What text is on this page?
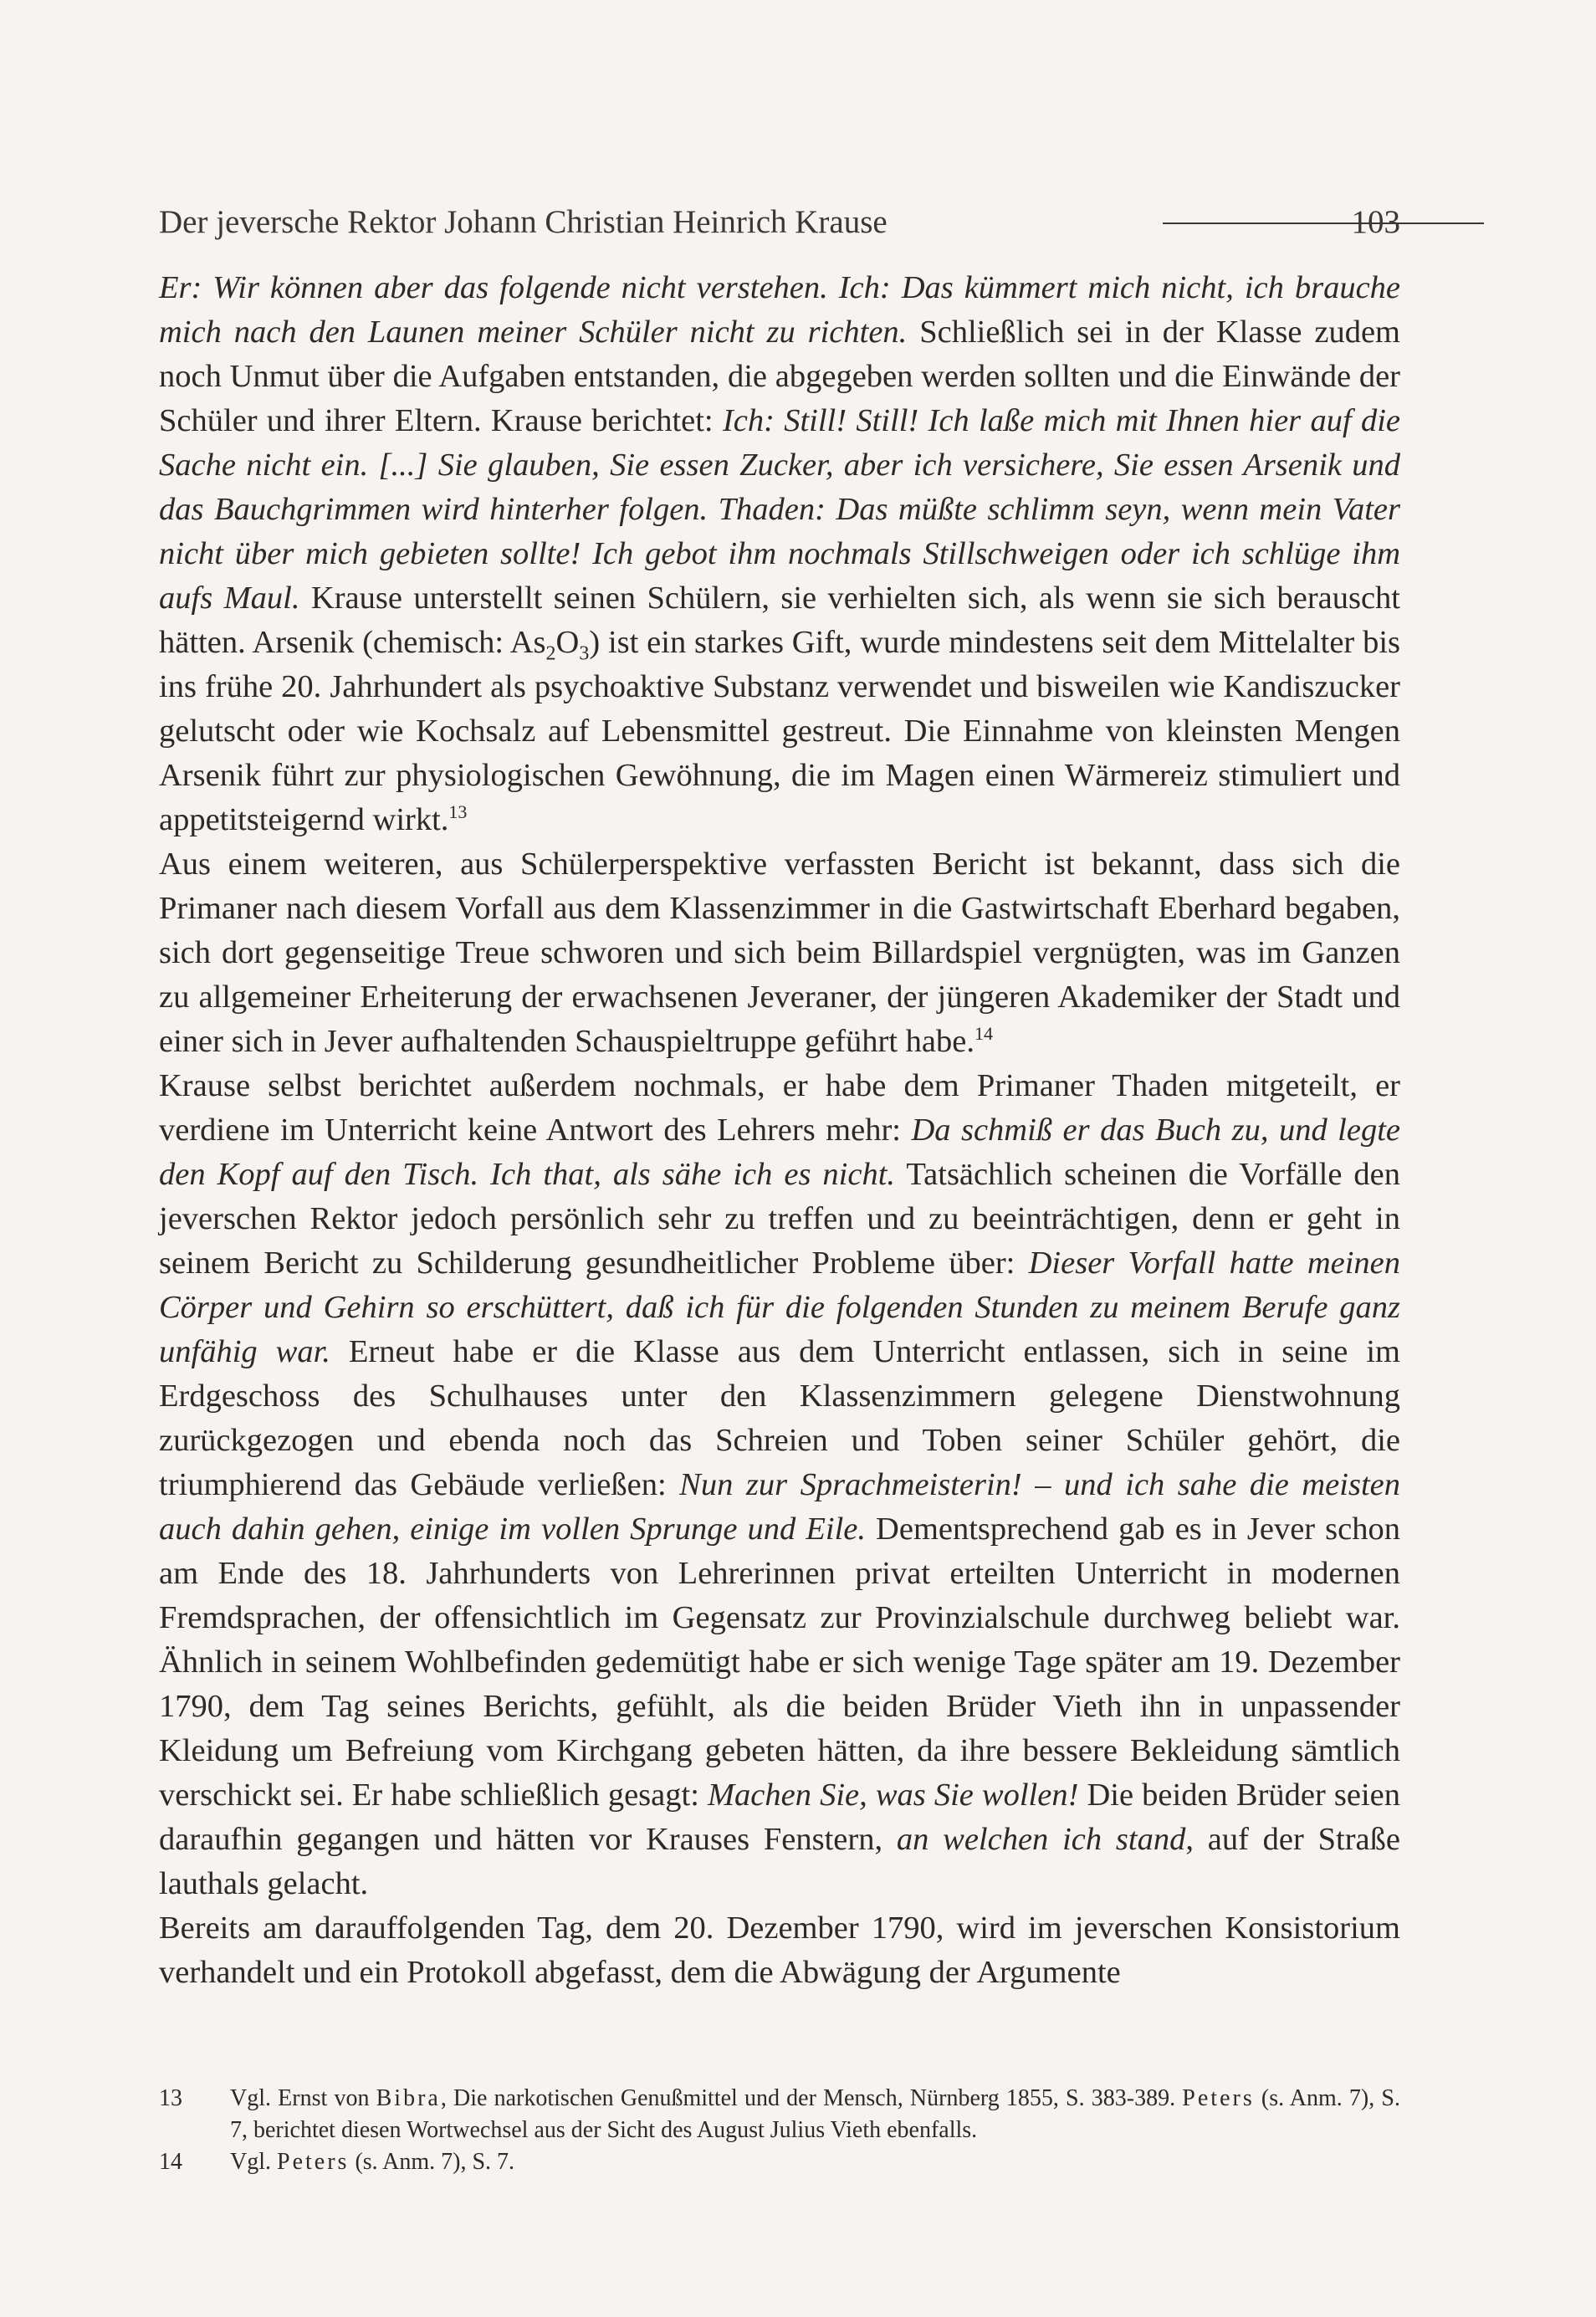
Der jeversche Rektor Johann Christian Heinrich Krause	103

Er: Wir können aber das folgende nicht verstehen. Ich: Das kümmert mich nicht, ich brauche mich nach den Launen meiner Schüler nicht zu richten. Schließlich sei in der Klasse zudem noch Unmut über die Aufgaben entstanden, die abgegeben werden sollten und die Einwände der Schüler und ihrer Eltern. Krause berichtet: Ich: Still! Still! Ich laße mich mit Ihnen hier auf die Sache nicht ein. [...] Sie glauben, Sie essen Zucker, aber ich versichere, Sie essen Arsenik und das Bauchgrimmen wird hinterher folgen. Thaden: Das müßte schlimm seyn, wenn mein Vater nicht über mich gebieten sollte! Ich gebot ihm nochmals Stillschweigen oder ich schlüge ihm aufs Maul. Krause unterstellt seinen Schülern, sie verhielten sich, als wenn sie sich berauscht hätten. Arsenik (chemisch: $As_2O_3$) ist ein starkes Gift, wurde mindestens seit dem Mittelalter bis ins frühe 20. Jahrhundert als psychoaktive Substanz verwendet und bisweilen wie Kandiszucker gelutscht oder wie Kochsalz auf Lebensmittel gestreut. Die Einnahme von kleinsten Mengen Arsenik führt zur physiologischen Gewöhnung, die im Magen einen Wärmereiz stimuliert und appetitsteigernd wirkt.$^{13}$

Aus einem weiteren, aus Schülerperspektive verfassten Bericht ist bekannt, dass sich die Primaner nach diesem Vorfall aus dem Klassenzimmer in die Gastwirtschaft Eberhard begaben, sich dort gegenseitige Treue schworen und sich beim Billardspiel vergnügten, was im Ganzen zu allgemeiner Erheiterung der erwachsenen Jeveraner, der jüngeren Akademiker der Stadt und einer sich in Jever aufhaltenden Schauspieltruppe geführt habe.$^{14}$

Krause selbst berichtet außerdem nochmals, er habe dem Primaner Thaden mitgeteilt, er verdiene im Unterricht keine Antwort des Lehrers mehr: Da schmiß er das Buch zu, und legte den Kopf auf den Tisch. Ich that, als sähe ich es nicht. Tatsächlich scheinen die Vorfälle den jeverschen Rektor jedoch persönlich sehr zu treffen und zu beeinträchtigen, denn er geht in seinem Bericht zu Schilderung gesundheitlicher Probleme über: Dieser Vorfall hatte meinen Cörper und Gehirn so erschüttert, daß ich für die folgenden Stunden zu meinem Berufe ganz unfähig war. Erneut habe er die Klasse aus dem Unterricht entlassen, sich in seine im Erdgeschoss des Schulhauses unter den Klassenzimmern gelegene Dienstwohnung zurückgezogen und ebenda noch das Schreien und Toben seiner Schüler gehört, die triumphierend das Gebäude verließen: Nun zur Sprachmeisterin! – und ich sahe die meisten auch dahin gehen, einige im vollen Sprunge und Eile. Dementsprechend gab es in Jever schon am Ende des 18. Jahrhunderts von Lehrerinnen privat erteilten Unterricht in modernen Fremdsprachen, der offensichtlich im Gegensatz zur Provinzialschule durchweg beliebt war. Ähnlich in seinem Wohlbefinden gedemütigt habe er sich wenige Tage später am 19. Dezember 1790, dem Tag seines Berichts, gefühlt, als die beiden Brüder Vieth ihn in unpassender Kleidung um Befreiung vom Kirchgang gebeten hätten, da ihre bessere Bekleidung sämtlich verschickt sei. Er habe schließlich gesagt: Machen Sie, was Sie wollen! Die beiden Brüder seien daraufhin gegangen und hätten vor Krauses Fenstern, an welchen ich stand, auf der Straße lauthals gelacht.

Bereits am darauffolgenden Tag, dem 20. Dezember 1790, wird im jeverschen Konsistorium verhandelt und ein Protokoll abgefasst, dem die Abwägung der Argumente

13 Vgl. Ernst von Bibra, Die narkotischen Genußmittel und der Mensch, Nürnberg 1855, S. 383-389. Peters (s. Anm. 7), S. 7, berichtet diesen Wortwechsel aus der Sicht des August Julius Vieth ebenfalls.
14 Vgl. Peters (s. Anm. 7), S. 7.
